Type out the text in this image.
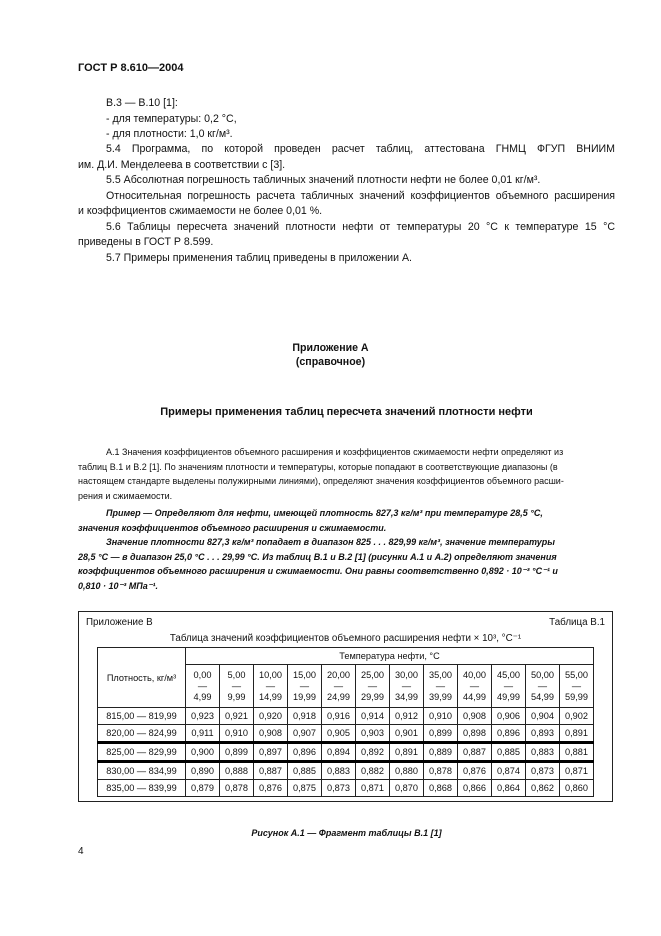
ГОСТ Р 8.610—2004
В.3 — В.10 [1]:
- для температуры: 0,2 °С,
- для плотности: 1,0 кг/м³.
5.4 Программа, по которой проведен расчет таблиц, аттестована ГНМЦ ФГУП ВНИИМ
им. Д.И. Менделеева в соответствии с [3].
5.5 Абсолютная погрешность табличных значений плотности нефти не более 0,01 кг/м³.
Относительная погрешность расчета табличных значений коэффициентов объемного расширения
и коэффициентов сжимаемости не более 0,01 %.
5.6 Таблицы пересчета значений плотности нефти от температуры 20 °С к температуре 15 °С
приведены в ГОСТ Р 8.599.
5.7 Примеры применения таблиц приведены в приложении А.
Приложение А
(справочное)
Примеры применения таблиц пересчета значений плотности нефти
А.1 Значения коэффициентов объемного расширения и коэффициентов сжимаемости нефти определяют из
таблиц В.1 и В.2 [1]. По значениям плотности и температуры, которые попадают в соответствующие диапазоны (в
настоящем стандарте выделены полужирными линиями), определяют значения коэффициентов объемного расши-
рения и сжимаемости.
Пример — Определяют для нефти, имеющей плотность 827,3 кг/м³ при температуре 28,5 °С,
значения коэффициентов объемного расширения и сжимаемости.
Значение плотности 827,3 кг/м³ попадает в диапазон 825 . . . 829,99 кг/м³, значение температуры
28,5 °С — в диапазон 25,0 °С . . . 29,99 °С. Из таблиц В.1 и В.2 [1] (рисунки А.1 и А.2) определяют значения
коэффициентов объемного расширения и сжимаемости. Они равны соответственно 0,892 · 10⁻³ °С⁻¹ и
0,810 · 10⁻³ МПа⁻¹.
Приложение В	Таблица В.1
Таблица значений коэффициентов объемного расширения нефти × 10³, °С⁻¹
Плотность, кг/м³	Температура нефти, °С											

	0,00
—
4,99	5,00
—
9,99	10,00
—
14,99	15,00
—
19,99	20,00
—
24,99	25,00
—
29,99	30,00
—
34,99	35,00
—
39,99	40,00
—
44,99	45,00
—
49,99	50,00
—
54,99	55,00
—
59,99

815,00 — 819,99	0,923	0,921	0,920	0,918	0,916	0,914	0,912	0,910	0,908	0,906	0,904	0,902
820,00 — 824,99	0,911	0,910	0,908	0,907	0,905	0,903	0,901	0,899	0,898	0,896	0,893	0,891
825,00 — 829,99	0,900	0,899	0,897	0,896	0,894	0,892	0,891	0,889	0,887	0,885	0,883	0,881
830,00 — 834,99	0,890	0,888	0,887	0,885	0,883	0,882	0,880	0,878	0,876	0,874	0,873	0,871
835,00 — 839,99	0,879	0,878	0,876	0,875	0,873	0,871	0,870	0,868	0,866	0,864	0,862	0,860
Рисунок А.1 — Фрагмент таблицы В.1 [1]
4
